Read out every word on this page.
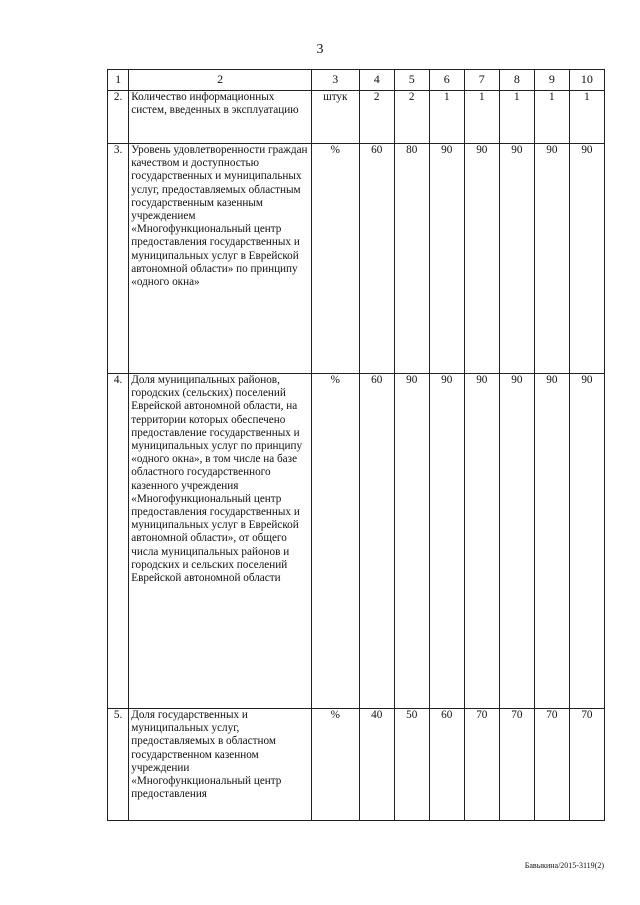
3
1	2	3	4	5	6	7	8	9	10
2.	Количество информационных систем, введенных в эксплуатацию	штук	2	2	1	1	1	1	1
3.	Уровень удовлетворенности граждан качеством и доступностью государственных и муниципальных услуг, предоставляемых областным государственным казенным учреждением «Многофункциональный центр предоставления государственных и муниципальных услуг в Еврейской автономной области» по принципу «одного окна»	%	60	80	90	90	90	90	90
4.	Доля муниципальных районов, городских (сельских) поселений Еврейской автономной области, на территории которых обеспечено предоставление государственных и муниципальных услуг по принципу «одного окна», в том числе на базе областного государственного казенного учреждения «Многофункциональный центр предоставления государственных и муниципальных услуг в Еврейской автономной области», от общего числа муниципальных районов и городских и сельских поселений Еврейской автономной области	%	60	90	90	90	90	90	90
5.	Доля государственных и муниципальных услуг, предоставляемых в областном государственном казенном учреждении «Многофункциональный центр предоставления	%	40	50	60	70	70	70	70
Бавыкина/2015-3119(2)
